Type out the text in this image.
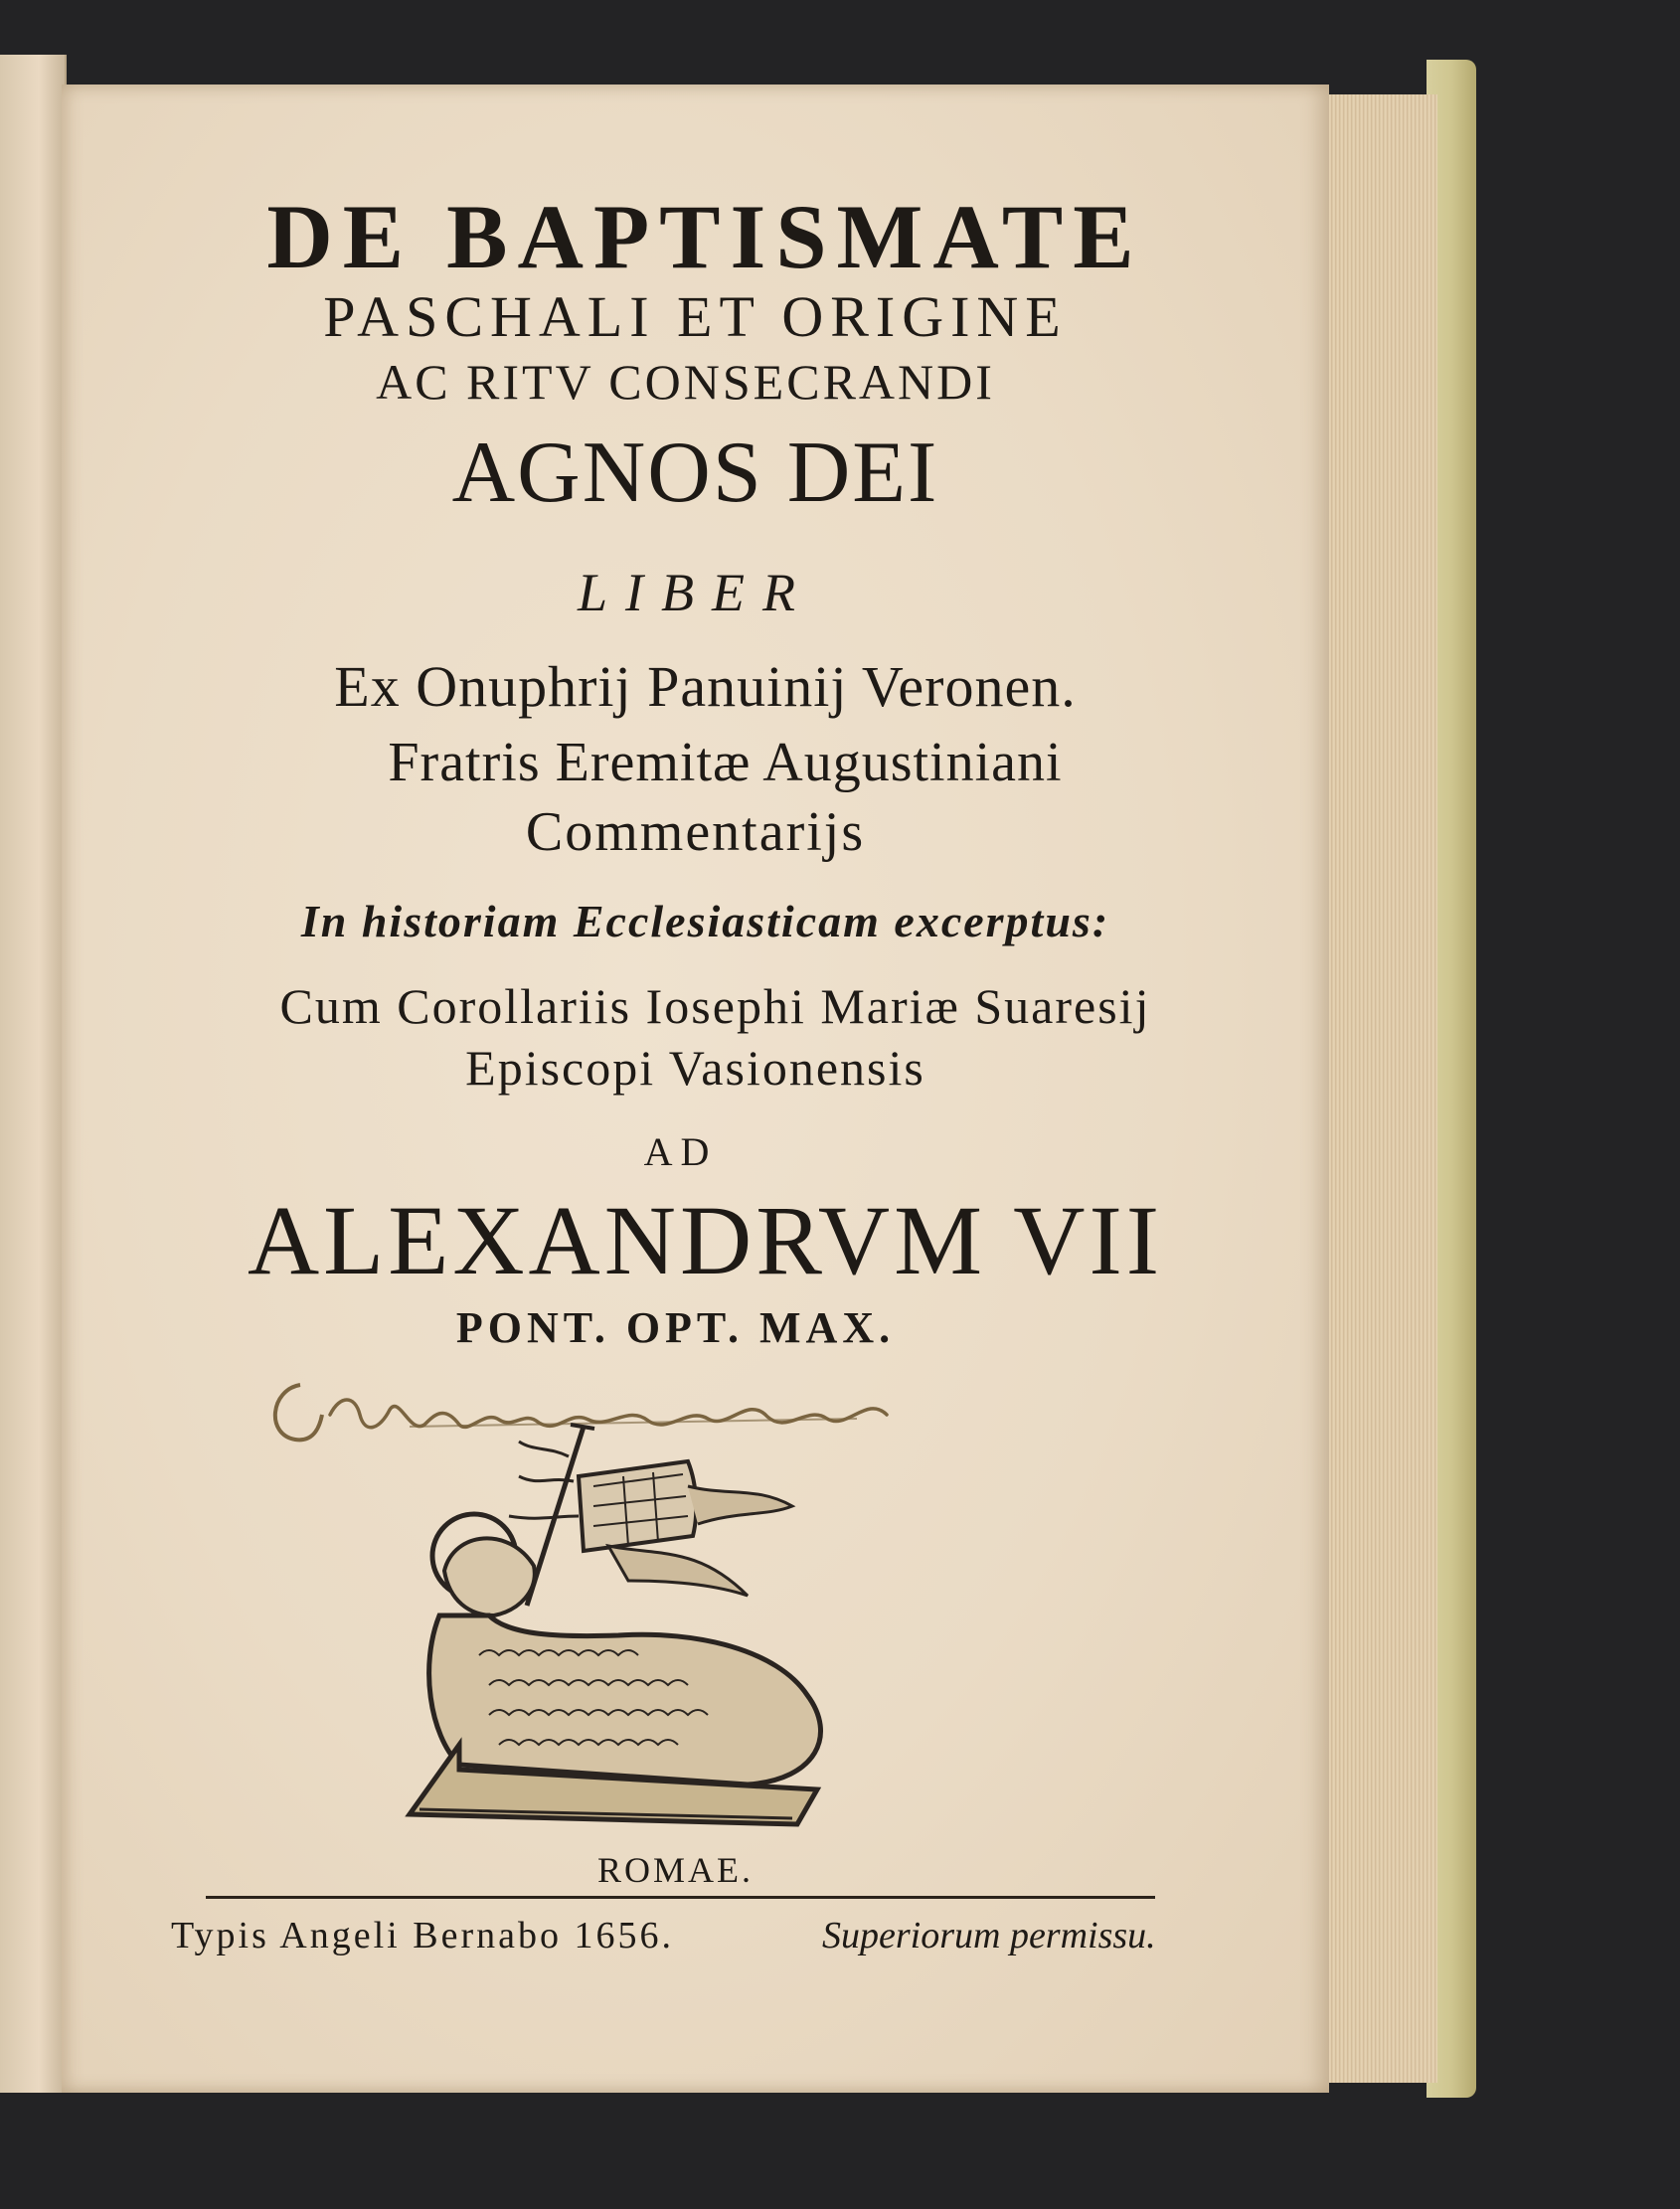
DE BAPTISMATE
PASCHALI ET ORIGINE
AC RITV CONSECRANDI
AGNOS DEI
LIBER
Ex Onuphrij Panuinij Veronen.
Fratris Eremitæ Augustiniani
Commentarijs
In historiam Ecclesiasticam excerptus:
Cum Corollariis Iosephi Mariæ Suaresij
Episcopi Vasionensis
AD
ALEXANDRVM VII
PONT. OPT. MAX.
ROMAE.
Typis Angeli Bernabo 1656.	Superiorum permissu.
